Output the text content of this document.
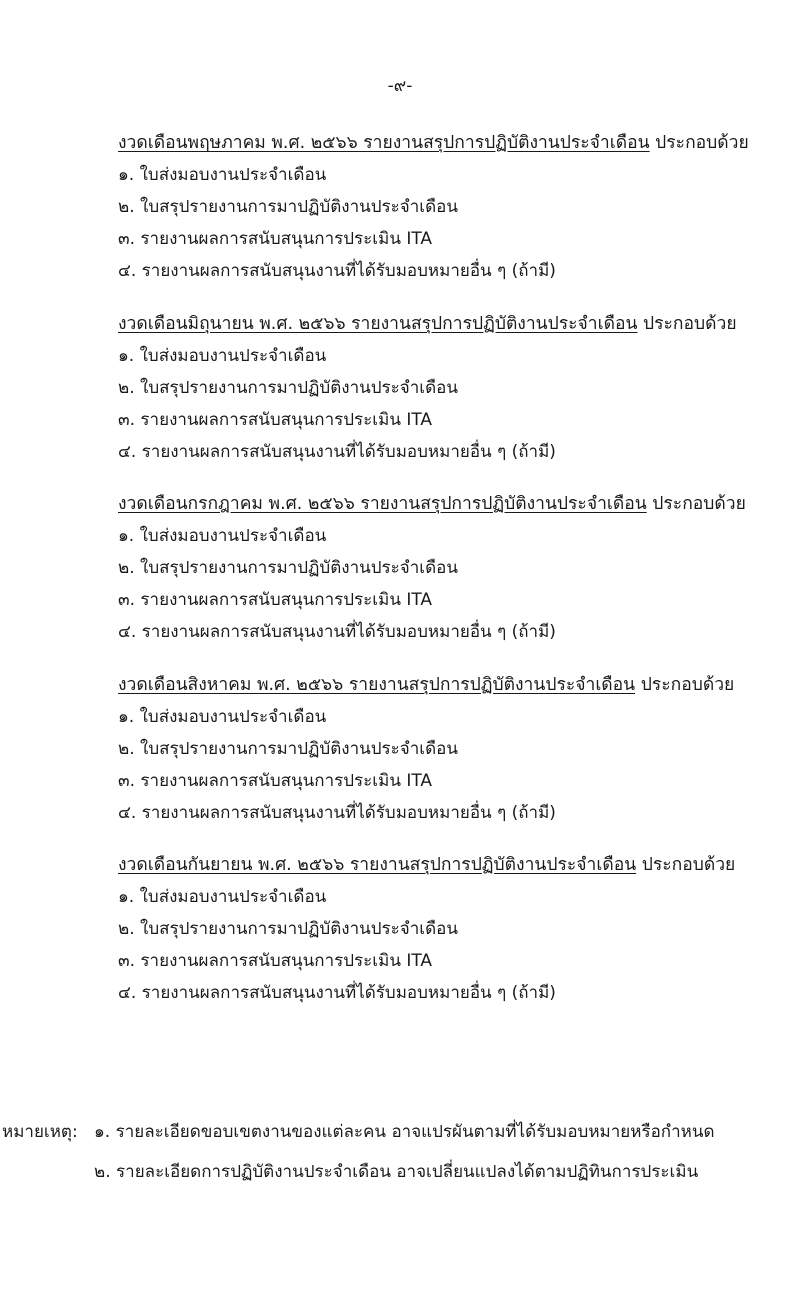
-๙-
งวดเดือนพฤษภาคม พ.ศ. ๒๕๖๖ รายงานสรุปการปฏิบัติงานประจำเดือน ประกอบด้วย
๑. ใบส่งมอบงานประจำเดือน
๒. ใบสรุปรายงานการมาปฏิบัติงานประจำเดือน
๓. รายงานผลการสนับสนุนการประเมิน ITA
๔. รายงานผลการสนับสนุนงานที่ได้รับมอบหมายอื่น ๆ (ถ้ามี)
งวดเดือนมิถุนายน พ.ศ. ๒๕๖๖ รายงานสรุปการปฏิบัติงานประจำเดือน ประกอบด้วย
๑. ใบส่งมอบงานประจำเดือน
๒. ใบสรุปรายงานการมาปฏิบัติงานประจำเดือน
๓. รายงานผลการสนับสนุนการประเมิน ITA
๔. รายงานผลการสนับสนุนงานที่ได้รับมอบหมายอื่น ๆ (ถ้ามี)
งวดเดือนกรกฎาคม พ.ศ. ๒๕๖๖ รายงานสรุปการปฏิบัติงานประจำเดือน ประกอบด้วย
๑. ใบส่งมอบงานประจำเดือน
๒. ใบสรุปรายงานการมาปฏิบัติงานประจำเดือน
๓. รายงานผลการสนับสนุนการประเมิน ITA
๔. รายงานผลการสนับสนุนงานที่ได้รับมอบหมายอื่น ๆ (ถ้ามี)
งวดเดือนสิงหาคม พ.ศ. ๒๕๖๖ รายงานสรุปการปฏิบัติงานประจำเดือน ประกอบด้วย
๑. ใบส่งมอบงานประจำเดือน
๒. ใบสรุปรายงานการมาปฏิบัติงานประจำเดือน
๓. รายงานผลการสนับสนุนการประเมิน ITA
๔. รายงานผลการสนับสนุนงานที่ได้รับมอบหมายอื่น ๆ (ถ้ามี)
งวดเดือนกันยายน พ.ศ. ๒๕๖๖ รายงานสรุปการปฏิบัติงานประจำเดือน ประกอบด้วย
๑. ใบส่งมอบงานประจำเดือน
๒. ใบสรุปรายงานการมาปฏิบัติงานประจำเดือน
๓. รายงานผลการสนับสนุนการประเมิน ITA
๔. รายงานผลการสนับสนุนงานที่ได้รับมอบหมายอื่น ๆ (ถ้ามี)
หมายเหตุ: ๑. รายละเอียดขอบเขตงานของแต่ละคน อาจแปรผันตามที่ได้รับมอบหมายหรือกำหนด
๒. รายละเอียดการปฏิบัติงานประจำเดือน อาจเปลี่ยนแปลงได้ตามปฏิทินการประเมิน
